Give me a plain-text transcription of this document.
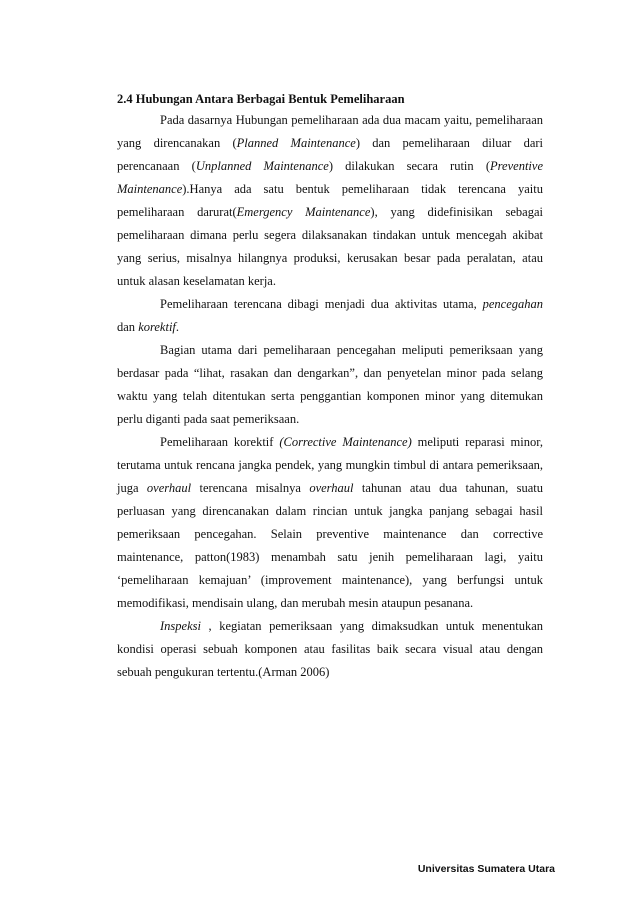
2.4 Hubungan Antara Berbagai Bentuk Pemeliharaan

Pada dasarnya Hubungan pemeliharaan ada dua macam yaitu, pemeliharaan yang direncanakan (Planned Maintenance) dan pemeliharaan diluar dari perencanaan (Unplanned Maintenance) dilakukan secara rutin (Preventive Maintenance).Hanya ada satu bentuk pemeliharaan tidak terencana yaitu pemeliharaan darurat(Emergency Maintenance), yang didefinisikan sebagai pemeliharaan dimana perlu segera dilaksanakan tindakan untuk mencegah akibat yang serius, misalnya hilangnya produksi, kerusakan besar pada peralatan, atau untuk alasan keselamatan kerja.

Pemeliharaan terencana dibagi menjadi dua aktivitas utama, pencegahan dan korektif.

Bagian utama dari pemeliharaan pencegahan meliputi pemeriksaan yang berdasar pada “lihat, rasakan dan dengarkan”, dan penyetelan minor pada selang waktu yang telah ditentukan serta penggantian komponen minor yang ditemukan perlu diganti pada saat pemeriksaan.

Pemeliharaan korektif (Corrective Maintenance) meliputi reparasi minor, terutama untuk rencana jangka pendek, yang mungkin timbul di antara pemeriksaan, juga overhaul terencana misalnya overhaul tahunan atau dua tahunan, suatu perluasan yang direncanakan dalam rincian untuk jangka panjang sebagai hasil pemeriksaan pencegahan. Selain preventive maintenance dan corrective maintenance, patton(1983) menambah satu jenih pemeliharaan lagi, yaitu ‘pemeliharaan kemajuan’ (improvement maintenance), yang berfungsi untuk memodifikasi, mendisain ulang, dan merubah mesin ataupun pesanana.

Inspeksi , kegiatan pemeriksaan yang dimaksudkan untuk menentukan kondisi operasi sebuah komponen atau fasilitas baik secara visual atau dengan sebuah pengukuran tertentu.(Arman 2006)

Universitas Sumatera Utara
